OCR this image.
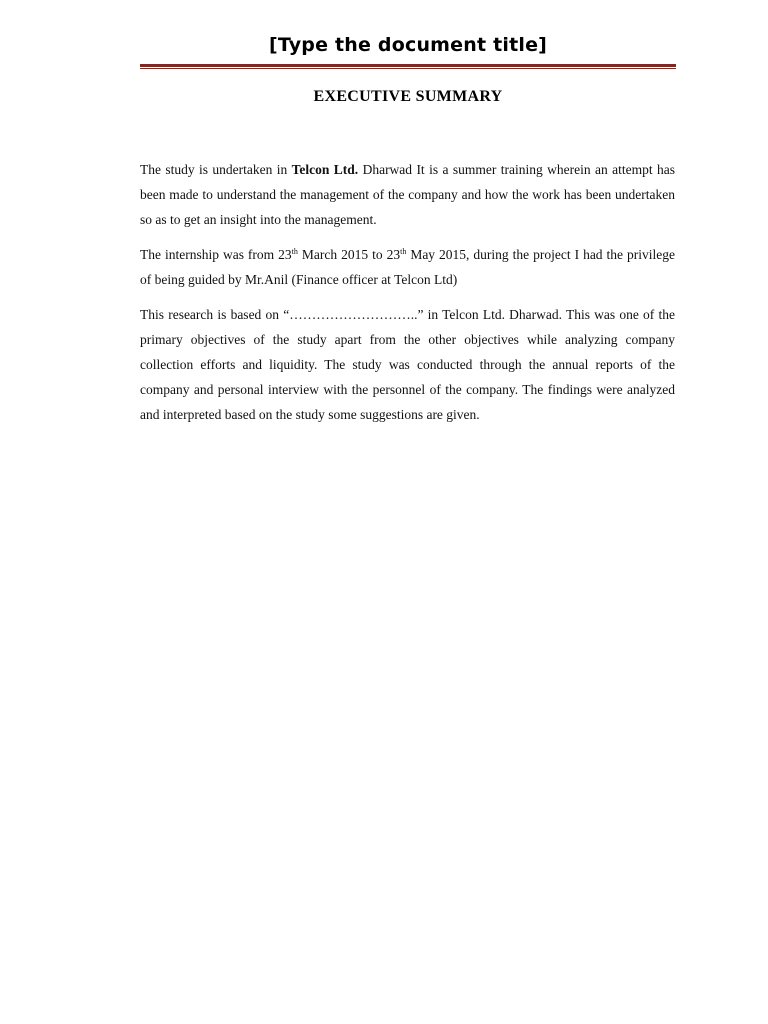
[Type the document title]
EXECUTIVE SUMMARY

The study is undertaken in Telcon Ltd. Dharwad It is a summer training wherein an attempt has been made to understand the management of the company and how the work has been undertaken so as to get an insight into the management.

The internship was from 23th March 2015 to 23th May 2015, during the project I had the privilege of being guided by Mr.Anil (Finance officer at Telcon Ltd)

This research is based on “………………………..” in Telcon Ltd. Dharwad. This was one of the primary objectives of the study apart from the other objectives while analyzing company collection efforts and liquidity. The study was conducted through the annual reports of the company and personal interview with the personnel of the company. The findings were analyzed and interpreted based on the study some suggestions are given.
